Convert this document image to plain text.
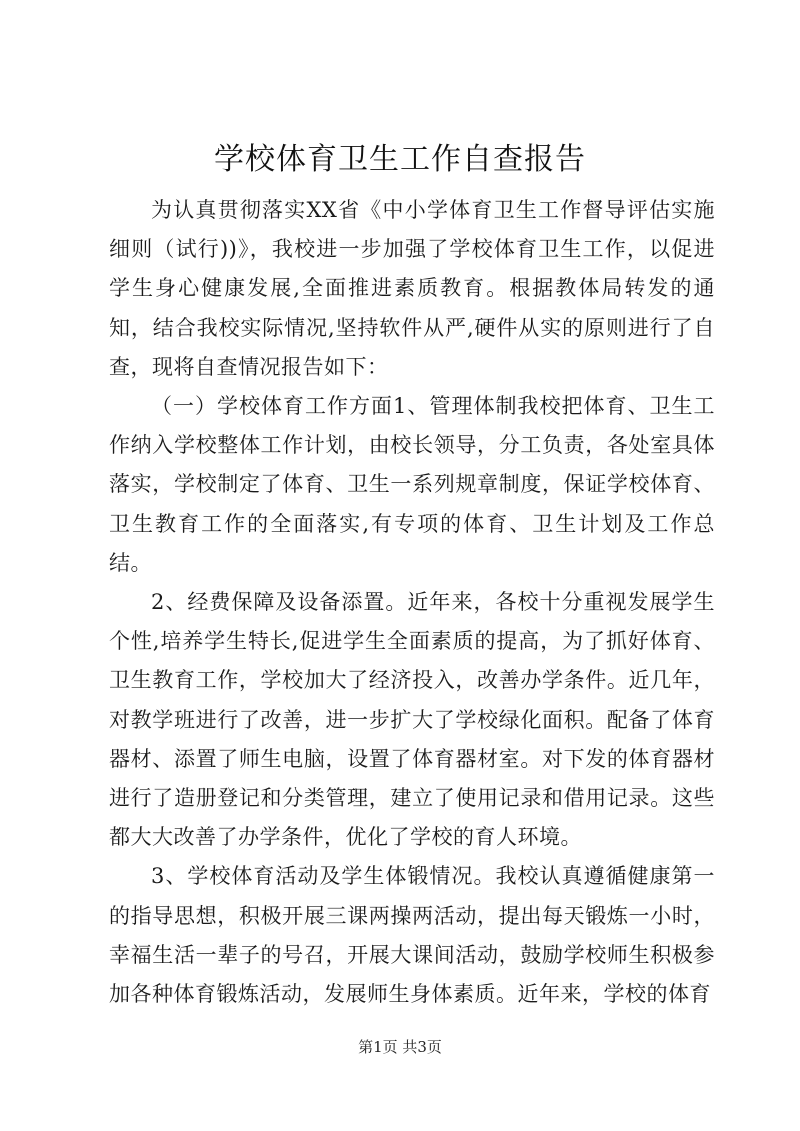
学校体育卫生工作自查报告

为认真贯彻落实XX省《中小学体育卫生工作督导评估实施细则（试行))》，我校进一步加强了学校体育卫生工作，以促进学生身心健康发展,全面推进素质教育。根据教体局转发的通知，结合我校实际情况,坚持软件从严,硬件从实的原则进行了自查，现将自查情况报告如下：

（一）学校体育工作方面1、管理体制我校把体育、卫生工作纳入学校整体工作计划，由校长领导，分工负责，各处室具体落实，学校制定了体育、卫生一系列规章制度，保证学校体育、卫生教育工作的全面落实,有专项的体育、卫生计划及工作总结。

2、经费保障及设备添置。近年来，各校十分重视发展学生个性,培养学生特长,促进学生全面素质的提高，为了抓好体育、卫生教育工作，学校加大了经济投入，改善办学条件。近几年，对教学班进行了改善，进一步扩大了学校绿化面积。配备了体育器材、添置了师生电脑，设置了体育器材室。对下发的体育器材进行了造册登记和分类管理，建立了使用记录和借用记录。这些都大大改善了办学条件，优化了学校的育人环境。

3、学校体育活动及学生体锻情况。我校认真遵循健康第一的指导思想，积极开展三课两操两活动，提出每天锻炼一小时，幸福生活一辈子的号召，开展大课间活动，鼓励学校师生积极参加各种体育锻炼活动，发展师生身体素质。近年来，学校的体育

第1页 共3页
